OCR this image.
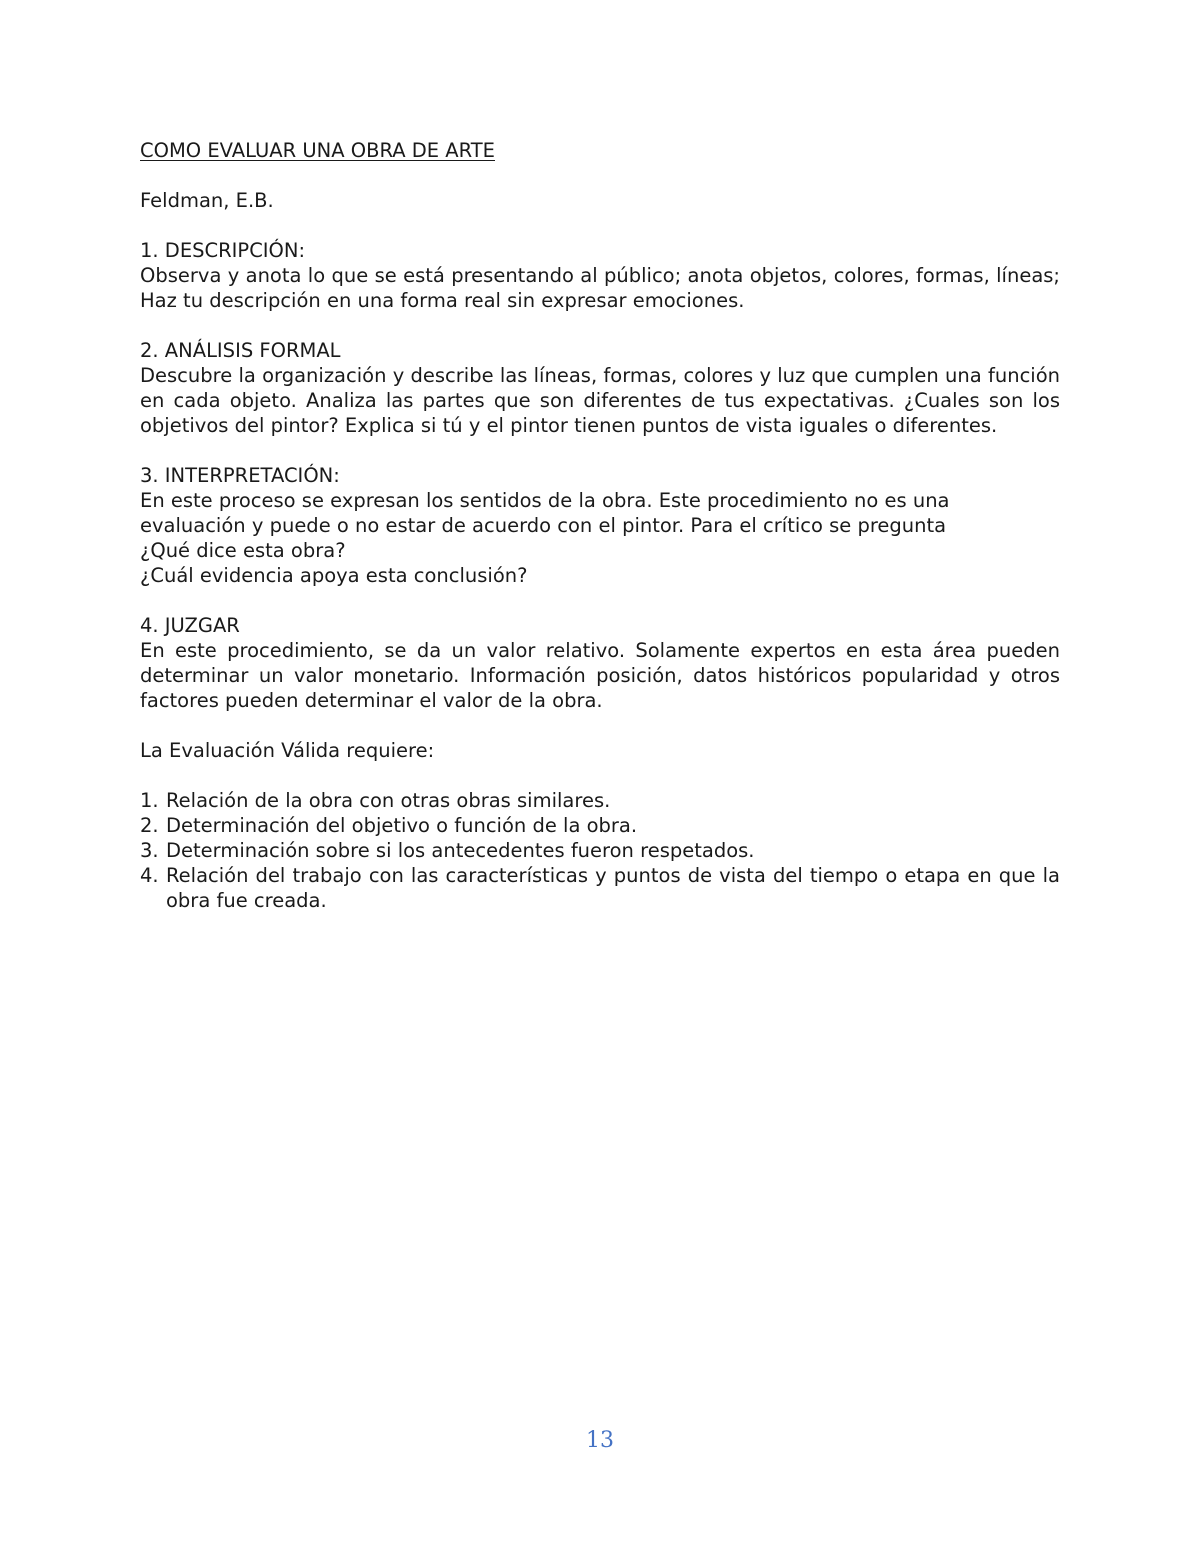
COMO EVALUAR UNA OBRA DE ARTE

Feldman, E.B.

1. DESCRIPCIÓN:

Observa y anota lo que se está presentando al público; anota objetos, colores, formas, líneas; Haz tu descripción en una forma real sin expresar emociones.

2. ANÁLISIS FORMAL

Descubre la organización y describe las líneas, formas, colores y luz que cumplen una función en cada objeto. Analiza las partes que son diferentes de tus expectativas. ¿Cuales son los objetivos del pintor? Explica si tú y el pintor tienen puntos de vista iguales o diferentes.

3. INTERPRETACIÓN:

En este proceso se expresan los sentidos de la obra. Este procedimiento no es una
evaluación y puede o no estar de acuerdo con el pintor. Para el crítico se pregunta
¿Qué dice esta obra?
¿Cuál evidencia apoya esta conclusión?

4. JUZGAR

En este procedimiento, se da un valor relativo. Solamente expertos en esta área pueden determinar un valor monetario. Información posición, datos históricos popularidad y otros factores pueden determinar el valor de la obra.

La Evaluación Válida requiere:

1. Relación de la obra con otras obras similares.
2. Determinación del objetivo o función de la obra.
3. Determinación sobre si los antecedentes fueron respetados.
4. Relación del trabajo con las características y puntos de vista del tiempo o etapa en que la obra fue creada.
13
